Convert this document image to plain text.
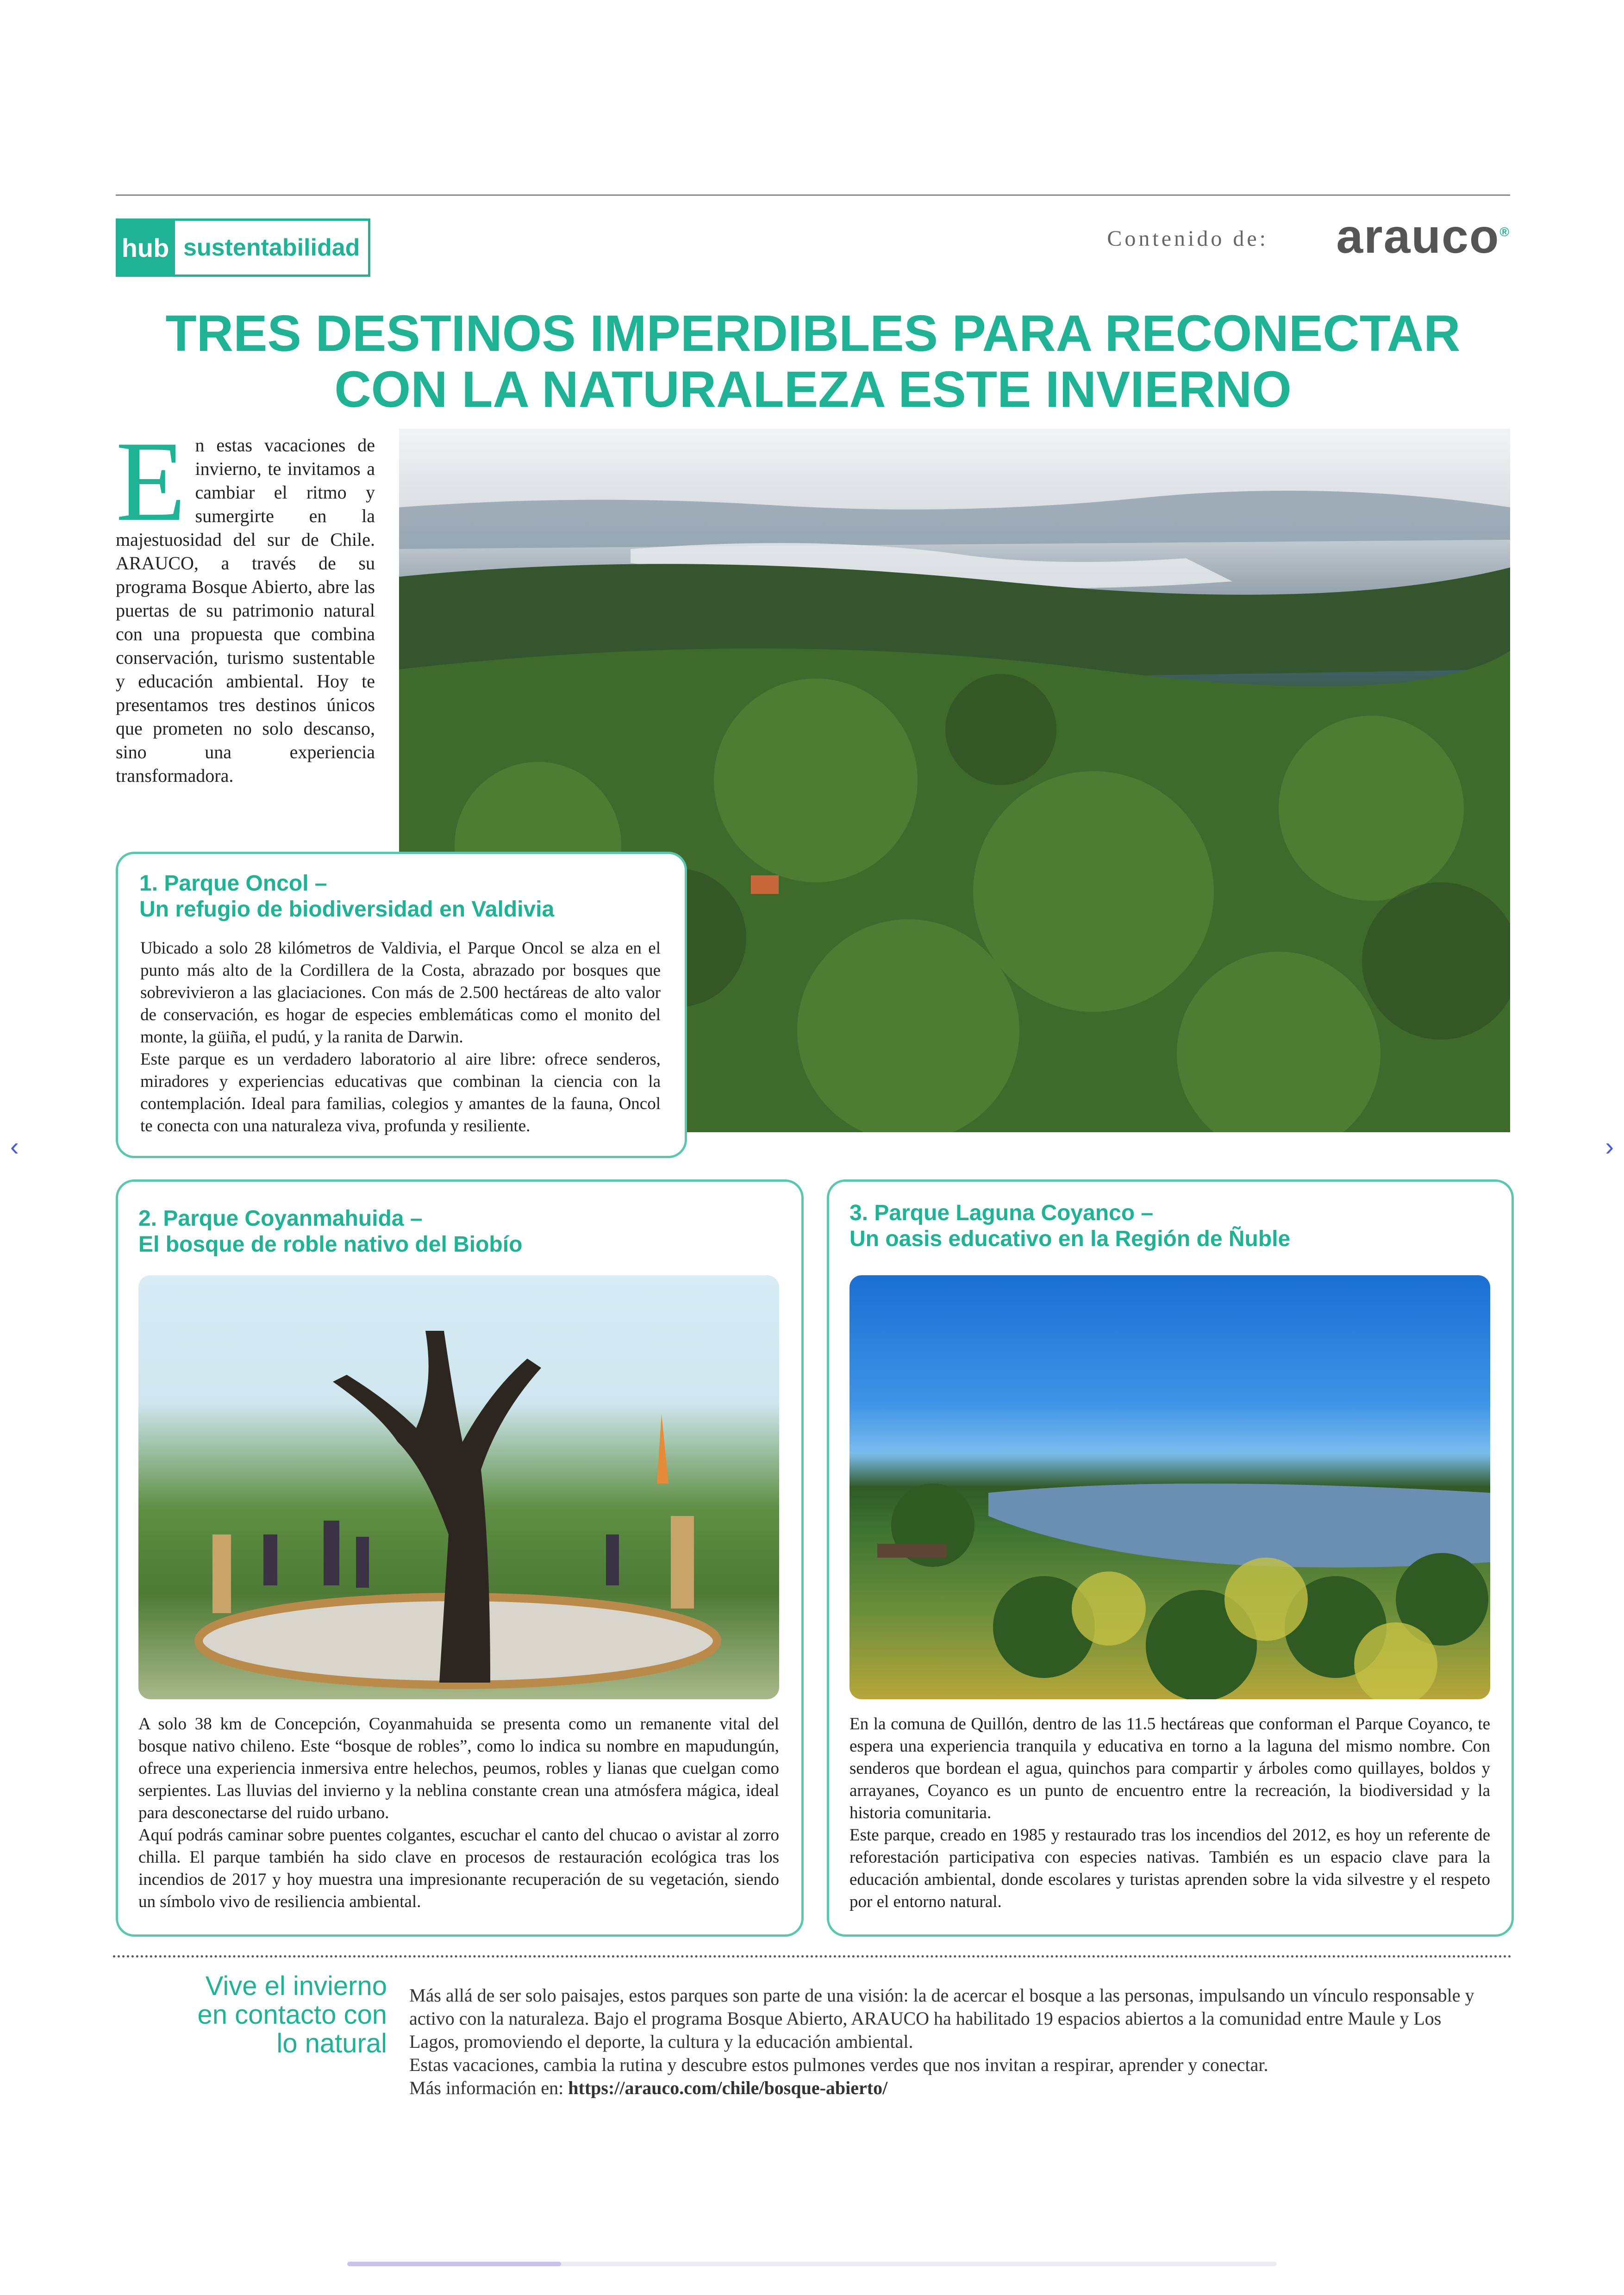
hub sustentabilidad	Contenido de: arauco®
TRES DESTINOS IMPERDIBLES PARA RECONECTAR
CON LA NATURALEZA ESTE INVIERNO
En estas vacaciones de invierno, te invitamos a cambiar el ritmo y sumergirte en la majestuosidad del sur de Chile. ARAUCO, a través de su programa Bosque Abierto, abre las puertas de su patrimonio natural con una propuesta que combina conservación, turismo sustentable y educación ambiental. Hoy te presentamos tres destinos únicos que prometen no solo descanso, sino una experiencia transformadora.
1. Parque Oncol –
Un refugio de biodiversidad en Valdivia

Ubicado a solo 28 kilómetros de Valdivia, el Parque Oncol se alza en el punto más alto de la Cordillera de la Costa, abrazado por bosques que sobrevivieron a las glaciaciones. Con más de 2.500 hectáreas de alto valor de conservación, es hogar de especies emblemáticas como el monito del monte, la güiña, el pudú, y la ranita de Darwin.

Este parque es un verdadero laboratorio al aire libre: ofrece senderos, miradores y experiencias educativas que combinan la ciencia con la contemplación. Ideal para familias, colegios y amantes de la fauna, Oncol te conecta con una naturaleza viva, profunda y resiliente.

2. Parque Coyanmahuida –
El bosque de roble nativo del Biobío

A solo 38 km de Concepción, Coyanmahuida se presenta como un remanente vital del bosque nativo chileno. Este “bosque de robles”, como lo indica su nombre en mapudungún, ofrece una experiencia inmersiva entre helechos, peumos, robles y lianas que cuelgan como serpientes. Las lluvias del invierno y la neblina constante crean una atmósfera mágica, ideal para desconectarse del ruido urbano.

Aquí podrás caminar sobre puentes colgantes, escuchar el canto del chucao o avistar al zorro chilla. El parque también ha sido clave en procesos de restauración ecológica tras los incendios de 2017 y hoy muestra una impresionante recuperación de su vegetación, siendo un símbolo vivo de resiliencia ambiental.

3. Parque Laguna Coyanco –
Un oasis educativo en la Región de Ñuble

En la comuna de Quillón, dentro de las 11.5 hectáreas que conforman el Parque Coyanco, te espera una experiencia tranquila y educativa en torno a la laguna del mismo nombre. Con senderos que bordean el agua, quinchos para compartir y árboles como quillayes, boldos y arrayanes, Coyanco es un punto de encuentro entre la recreación, la biodiversidad y la historia comunitaria.

Este parque, creado en 1985 y restaurado tras los incendios del 2012, es hoy un referente de reforestación participativa con especies nativas. También es un espacio clave para la educación ambiental, donde escolares y turistas aprenden sobre la vida silvestre y el respeto por el entorno natural.

Vive el invierno
en contacto con
lo natural

Más allá de ser solo paisajes, estos parques son parte de una visión: la de acercar el bosque a las personas, impulsando un vínculo responsable y activo con la naturaleza. Bajo el programa Bosque Abierto, ARAUCO ha habilitado 19 espacios abiertos a la comunidad entre Maule y Los Lagos, promoviendo el deporte, la cultura y la educación ambiental.

Estas vacaciones, cambia la rutina y descubre estos pulmones verdes que nos invitan a respirar, aprender y conectar.

Más información en: https://arauco.com/chile/bosque-abierto/

‹	›
